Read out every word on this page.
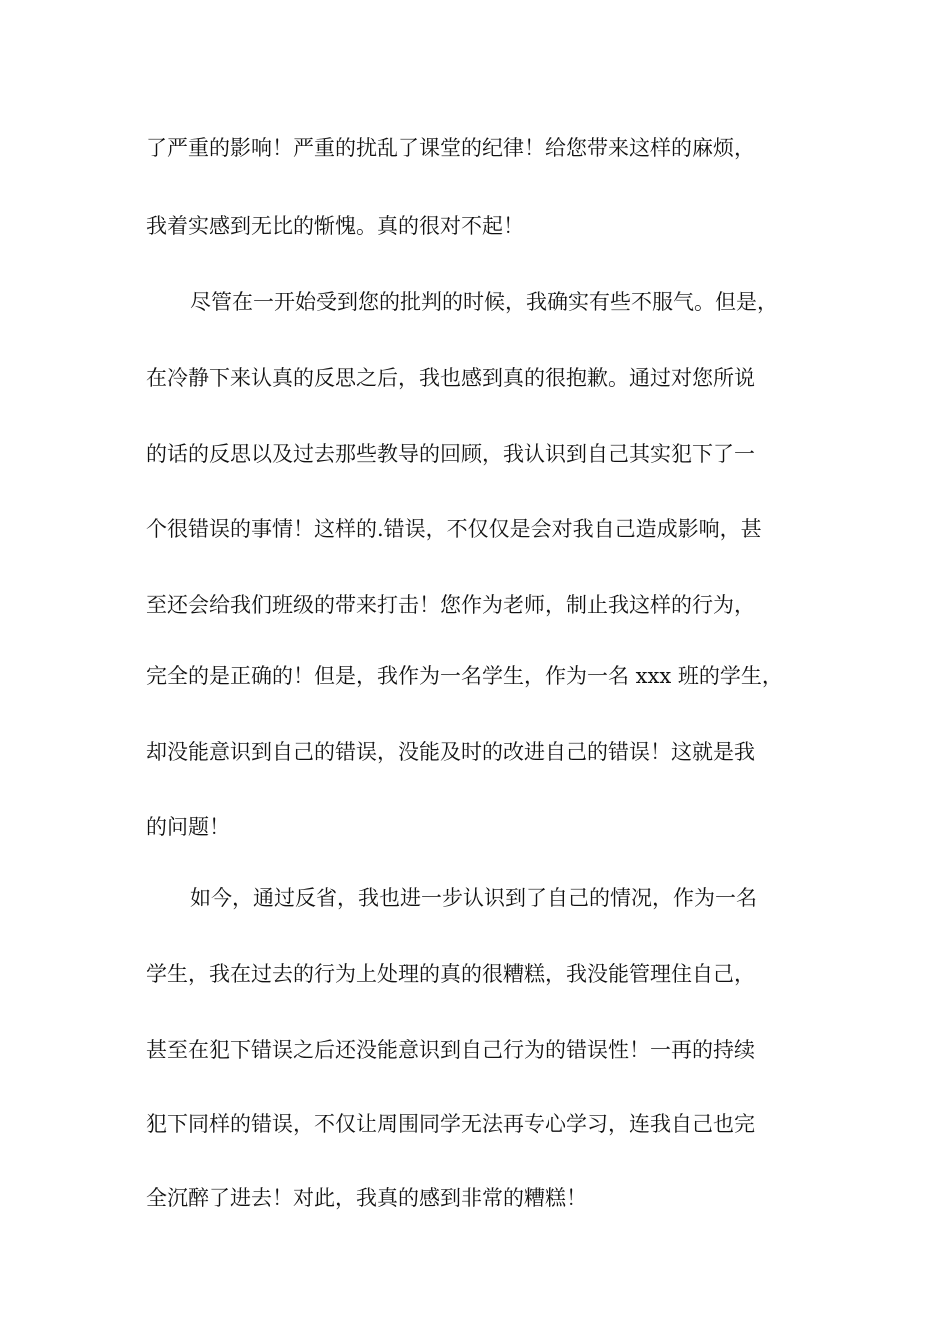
了严重的影响！严重的扰乱了课堂的纪律！给您带来这样的麻烦，
我着实感到无比的惭愧。真的很对不起！
尽管在一开始受到您的批判的时候，我确实有些不服气。但是，
在冷静下来认真的反思之后，我也感到真的很抱歉。通过对您所说
的话的反思以及过去那些教导的回顾，我认识到自己其实犯下了一
个很错误的事情！这样的.错误，不仅仅是会对我自己造成影响，甚
至还会给我们班级的带来打击！您作为老师，制止我这样的行为，
完全的是正确的！但是，我作为一名学生，作为一名 xxx 班的学生，
却没能意识到自己的错误，没能及时的改进自己的错误！这就是我
的问题！
如今，通过反省，我也进一步认识到了自己的情况，作为一名
学生，我在过去的行为上处理的真的很糟糕，我没能管理住自己，
甚至在犯下错误之后还没能意识到自己行为的错误性！一再的持续
犯下同样的错误，不仅让周围同学无法再专心学习，连我自己也完
全沉醉了进去！对此，我真的感到非常的糟糕！
